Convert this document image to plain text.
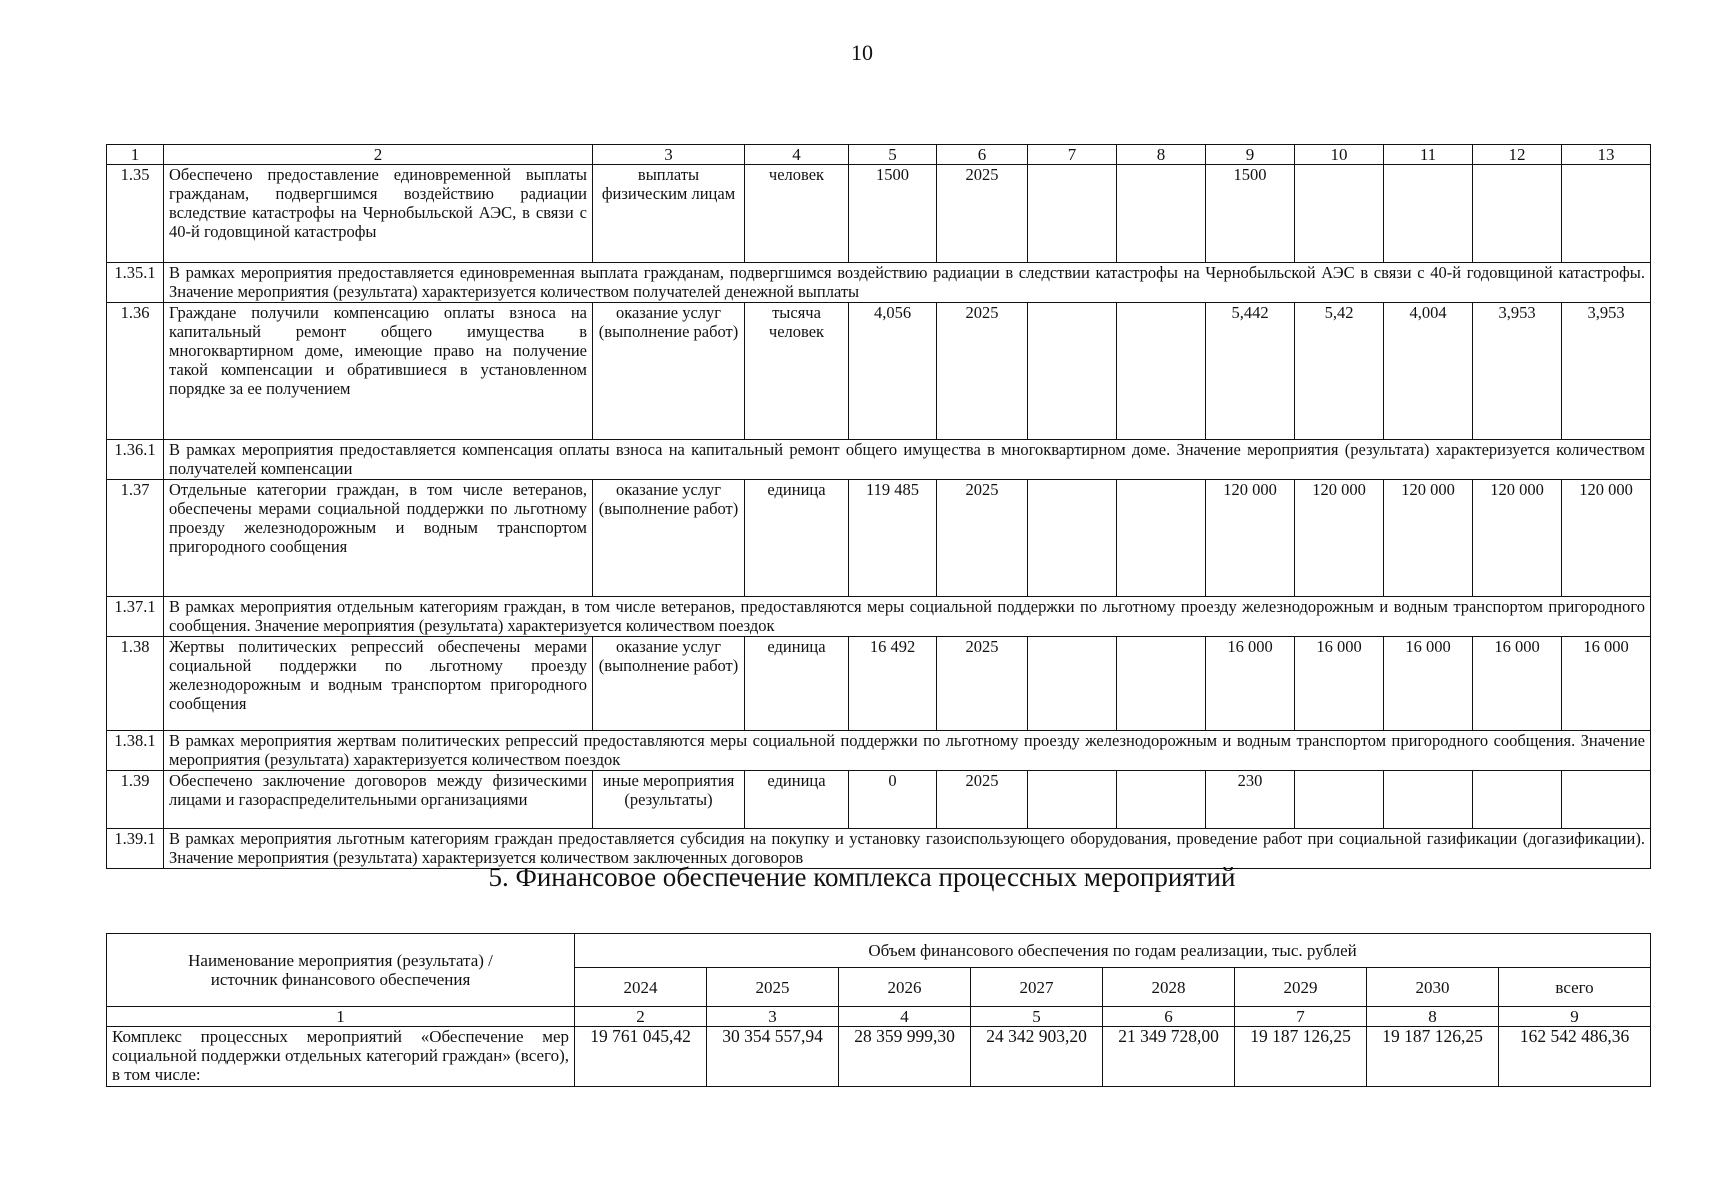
10
1	2	3	4	5	6	7	8	9	10	11	12	13
1.35	Обеспечено предоставление единовременной выплаты гражданам, подвергшимся воздействию радиации вследствие катастрофы на Чернобыльской АЭС, в связи с 40-й годовщиной катастрофы	выплаты физическим лицам	человек	1500	2025			1500				
1.35.1	В рамках мероприятия предоставляется единовременная выплата гражданам, подвергшимся воздействию радиации в следствии катастрофы на Чернобыльской АЭС в связи с 40-й годовщиной катастрофы. Значение мероприятия (результата) характеризуется количеством получателей денежной выплаты											
1.36	Граждане получили компенсацию оплаты взноса на капитальный ремонт общего имущества в многоквартирном доме, имеющие право на получение такой компенсации и обратившиеся в установленном порядке за ее получением	оказание услуг (выполнение работ)	тысяча человек	4,056	2025			5,442	5,42	4,004	3,953	3,953
1.36.1	В рамках мероприятия предоставляется компенсация оплаты взноса на капитальный ремонт общего имущества в многоквартирном доме. Значение мероприятия (результата) характеризуется количеством получателей компенсации											
1.37	Отдельные категории граждан, в том числе ветеранов, обеспечены мерами социальной поддержки по льготному проезду железнодорожным и водным транспортом пригородного сообщения	оказание услуг (выполнение работ)	единица	119 485	2025			120 000	120 000	120 000	120 000	120 000
1.37.1	В рамках мероприятия отдельным категориям граждан, в том числе ветеранов, предоставляются меры социальной поддержки по льготному проезду железнодорожным и водным транспортом пригородного сообщения. Значение мероприятия (результата) характеризуется количеством поездок											
1.38	Жертвы политических репрессий обеспечены мерами социальной поддержки по льготному проезду железнодорожным и водным транспортом пригородного сообщения	оказание услуг (выполнение работ)	единица	16 492	2025			16 000	16 000	16 000	16 000	16 000
1.38.1	В рамках мероприятия жертвам политических репрессий предоставляются меры социальной поддержки по льготному проезду железнодорожным и водным транспортом пригородного сообщения. Значение мероприятия (результата) характеризуется количеством поездок											
1.39	Обеспечено заключение договоров между физическими лицами и газораспределительными организациями	иные мероприятия (результаты)	единица	0	2025			230				
1.39.1	В рамках мероприятия льготным категориям граждан предоставляется субсидия на покупку и установку газоиспользующего оборудования, проведение работ при социальной газификации (догазификации). Значение мероприятия (результата) характеризуется количеством заключенных договоров											
5. Финансовое обеспечение комплекса процессных мероприятий
Наименование мероприятия (результата) / источник финансового обеспечения	Объем финансового обеспечения по годам реализации, тыс. рублей							
	2024	2025	2026	2027	2028	2029	2030	всего
1	2	3	4	5	6	7	8	9
Комплекс процессных мероприятий «Обеспечение мер социальной поддержки отдельных категорий граждан» (всего), в том числе:	19 761 045,42	30 354 557,94	28 359 999,30	24 342 903,20	21 349 728,00	19 187 126,25	19 187 126,25	162 542 486,36
